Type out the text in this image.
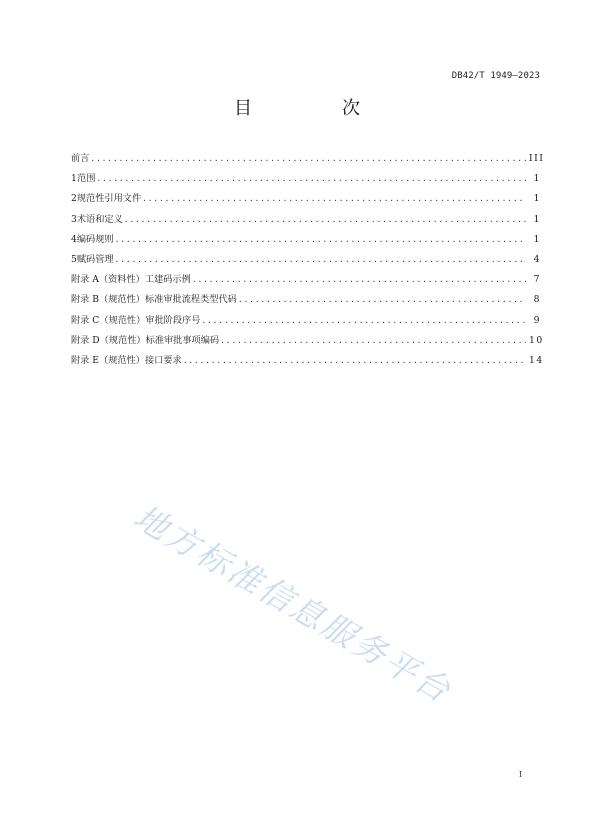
DB42/T 1949—2023
目　次
前言 .....	III
1 范围 .....	1
2 规范性引用文件 .....	1
3 术语和定义 .....	1
4 编码规则 .....	1
5 赋码管理 .....	4
附录 A（资料性） 工建码示例 .....	7
附录 B（规范性） 标准审批流程类型代码 .....	8
附录 C（规范性） 审批阶段序号 .....	9
附录 D（规范性） 标准审批事项编码 .....	10
附录 E（规范性） 接口要求 .....	14
地方标准信息服务平台
I
